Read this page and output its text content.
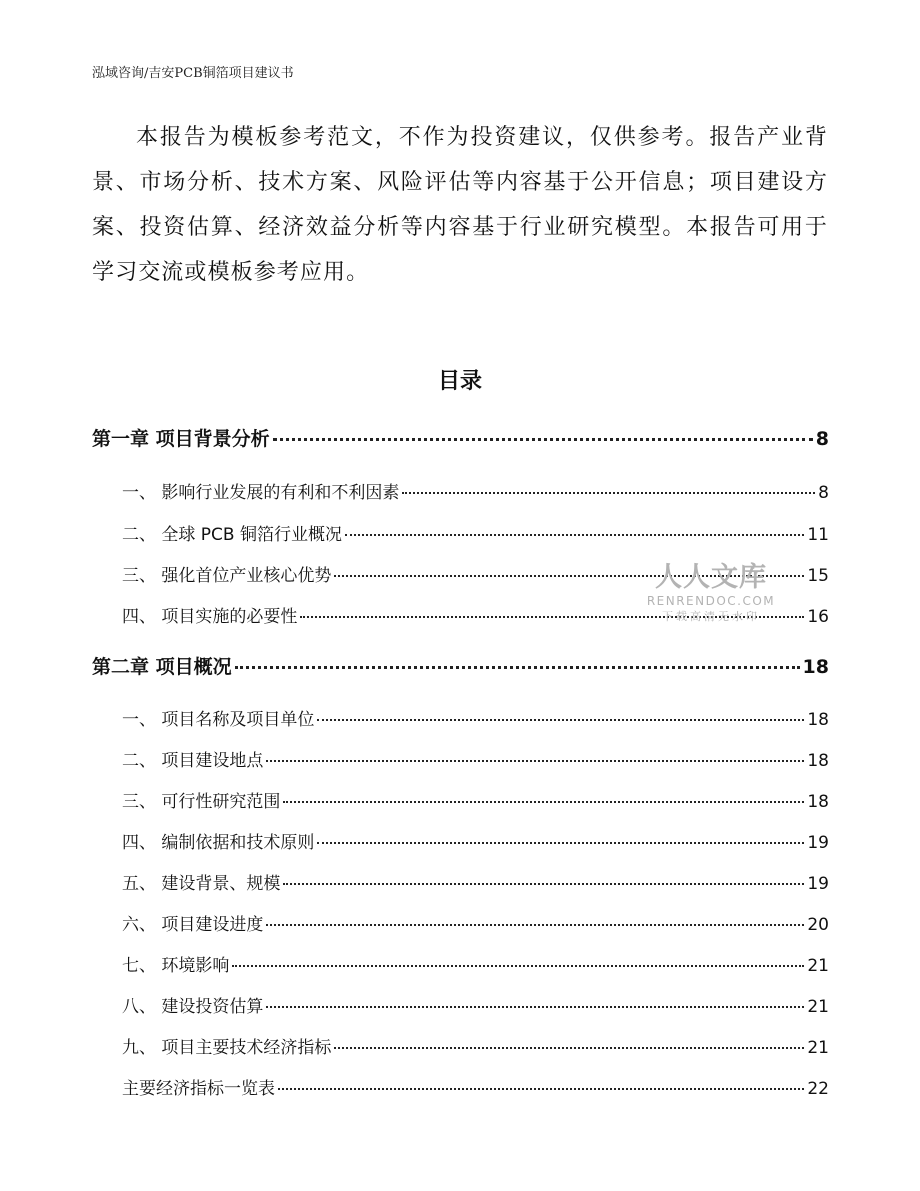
泓域咨询/吉安PCB铜箔项目建议书

本报告为模板参考范文，不作为投资建议，仅供参考。报告产业背景、市场分析、技术方案、风险评估等内容基于公开信息；项目建设方案、投资估算、经济效益分析等内容基于行业研究模型。本报告可用于学习交流或模板参考应用。

目录
第一章 项目背景分析	8
一、 影响行业发展的有利和不利因素	8
二、 全球 PCB 铜箔行业概况	11
三、 强化首位产业核心优势	15
四、 项目实施的必要性	16
第二章 项目概况	18
一、 项目名称及项目单位	18
二、 项目建设地点	18
三、 可行性研究范围	18
四、 编制依据和技术原则	19
五、 建设背景、规模	19
六、 项目建设进度	20
七、 环境影响	21
八、 建设投资估算	21
九、 项目主要技术经济指标	21
主要经济指标一览表	22
人人文库
RENRENDOC.COM
下载高清无水印
